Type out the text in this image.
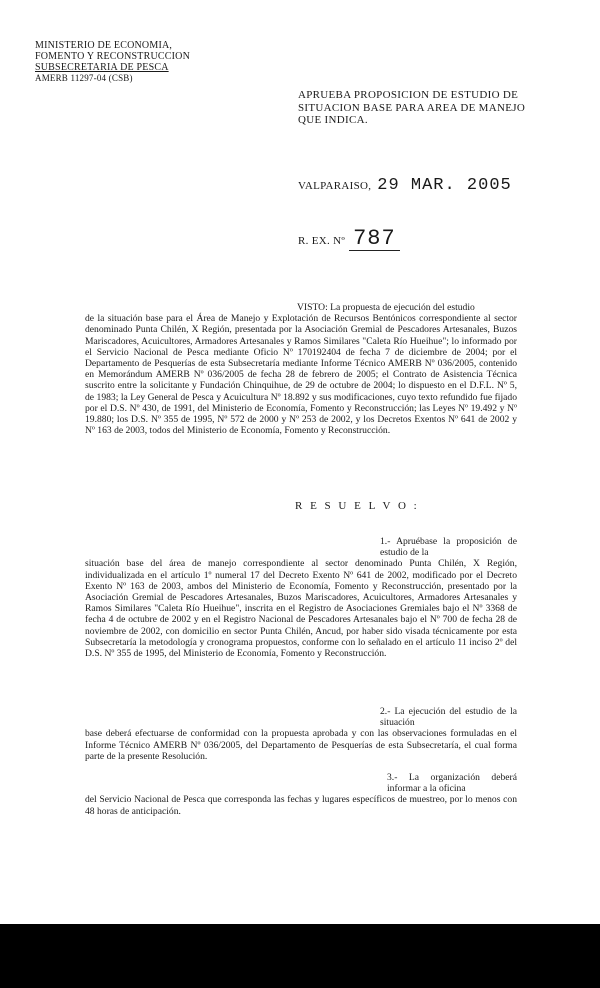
MINISTERIO DE ECONOMIA,
FOMENTO Y RECONSTRUCCION
SUBSECRETARIA DE PESCA
AMERB 11297-04 (CSB)
APRUEBA PROPOSICION DE ESTUDIO DE SITUACION BASE PARA AREA DE MANEJO QUE INDICA.
VALPARAISO, 29 MAR. 2005
R. EX. Nº 787
VISTO: La propuesta de ejecución del estudio
de la situación base para el Área de Manejo y Explotación de Recursos Bentónicos correspondiente al sector denominado Punta Chilén, X Región, presentada por la Asociación Gremial de Pescadores Artesanales, Buzos Mariscadores, Acuicultores, Armadores Artesanales y Ramos Similares "Caleta Río Hueihue"; lo informado por el Servicio Nacional de Pesca mediante Oficio Nº 170192404 de fecha 7 de diciembre de 2004; por el Departamento de Pesquerías de esta Subsecretaría mediante Informe Técnico AMERB Nº 036/2005, contenido en Memorándum AMERB Nº 036/2005 de fecha 28 de febrero de 2005; el Contrato de Asistencia Técnica suscrito entre la solicitante y Fundación Chinquihue, de 29 de octubre de 2004; lo dispuesto en el D.F.L. Nº 5, de 1983; la Ley General de Pesca y Acuicultura Nº 18.892 y sus modificaciones, cuyo texto refundido fue fijado por el D.S. Nº 430, de 1991, del Ministerio de Economía, Fomento y Reconstrucción; las Leyes Nº 19.492 y Nº 19.880; los D.S. Nº 355 de 1995, Nº 572 de 2000 y Nº 253 de 2002, y los Decretos Exentos Nº 641 de 2002 y Nº 163 de 2003, todos del Ministerio de Economía, Fomento y Reconstrucción.
R E S U E L V O :
1.- Apruébase la proposición de estudio de la
situación base del área de manejo correspondiente al sector denominado Punta Chilén, X Región, individualizada en el artículo 1º numeral 17 del Decreto Exento Nº 641 de 2002, modificado por el Decreto Exento Nº 163 de 2003, ambos del Ministerio de Economía, Fomento y Reconstrucción, presentado por la Asociación Gremial de Pescadores Artesanales, Buzos Mariscadores, Acuicultores, Armadores Artesanales y Ramos Similares "Caleta Río Hueihue", inscrita en el Registro de Asociaciones Gremiales bajo el Nº 3368 de fecha 4 de octubre de 2002 y en el Registro Nacional de Pescadores Artesanales bajo el Nº 700 de fecha 28 de noviembre de 2002, con domicilio en sector Punta Chilén, Ancud, por haber sido visada técnicamente por esta Subsecretaría la metodología y cronograma propuestos, conforme con lo señalado en el artículo 11 inciso 2º del D.S. Nº 355 de 1995, del Ministerio de Economía, Fomento y Reconstrucción.
2.- La ejecución del estudio de la situación
base deberá efectuarse de conformidad con la propuesta aprobada y con las observaciones formuladas en el Informe Técnico AMERB Nº 036/2005, del Departamento de Pesquerías de esta Subsecretaría, el cual forma parte de la presente Resolución.
3.- La organización deberá informar a la oficina
del Servicio Nacional de Pesca que corresponda las fechas y lugares específicos de muestreo, por lo menos con 48 horas de anticipación.
